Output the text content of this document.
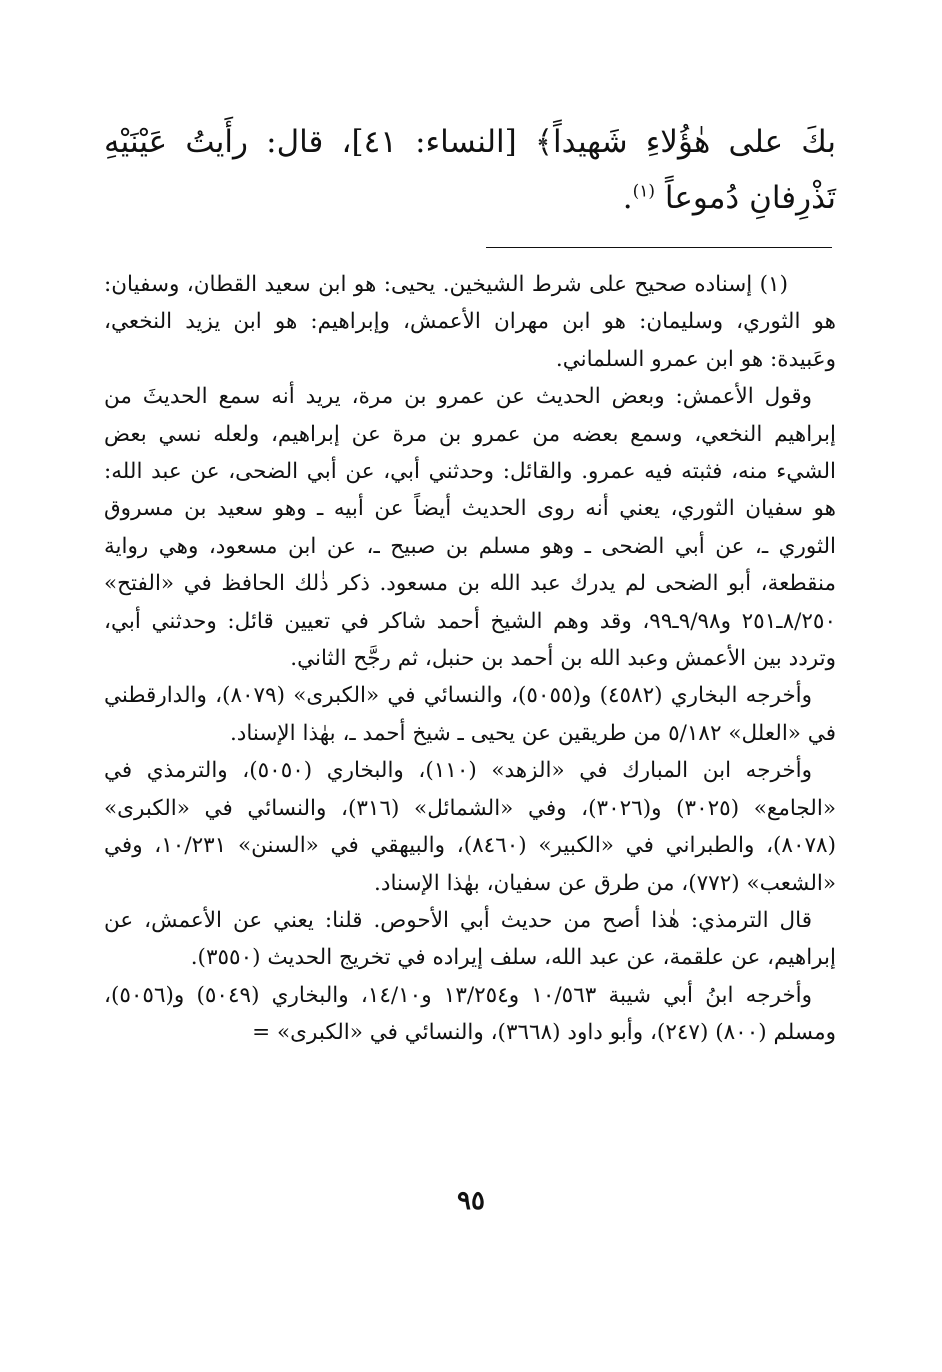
بكَ على هٰؤُلاءِ شَهيداً﴾ [النساء: ٤١]، قال: رأَيتُ عَيْنَيْهِ تَذْرِفانِ دُموعاً $^{(١)}$.

(١) إسناده صحيح على شرط الشيخين. يحيى: هو ابن سعيد القطان، وسفيان: هو الثوري، وسليمان: هو ابن مهران الأعمش، وإبراهيم: هو ابن يزيد النخعي، وعَبيدة: هو ابن عمرو السلماني.

وقول الأعمش: وبعض الحديث عن عمرو بن مرة، يريد أنه سمع الحديثَ من إبراهيم النخعي، وسمع بعضه من عمرو بن مرة عن إبراهيم، ولعله نسي بعض الشيء منه، فثبته فيه عمرو. والقائل: وحدثني أبي، عن أبي الضحى، عن عبد الله: هو سفيان الثوري، يعني أنه روى الحديث أيضاً عن أبيه ـ وهو سعيد بن مسروق الثوري ـ، عن أبي الضحى ـ وهو مسلم بن صبيح ـ، عن ابن مسعود، وهي رواية منقطعة، أبو الضحى لم يدرك عبد الله بن مسعود. ذكر ذٰلك الحافظ في «الفتح» ٨/٢٥٠ـ٢٥١ و٩/٩٨ـ٩٩، وقد وهم الشيخ أحمد شاكر في تعيين قائل: وحدثني أبي، وتردد بين الأعمش وعبد الله بن أحمد بن حنبل، ثم رجَّح الثاني.

وأخرجه البخاري (٤٥٨٢) و(٥٠٥٥)، والنسائي في «الكبرى» (٨٠٧٩)، والدارقطني في «العلل» ٥/١٨٢ من طريقين عن يحيى ـ شيخ أحمد ـ، بهٰذا الإسناد.

وأخرجه ابن المبارك في «الزهد» (١١٠)، والبخاري (٥٠٥٠)، والترمذي في «الجامع» (٣٠٢٥) و(٣٠٢٦)، وفي «الشمائل» (٣١٦)، والنسائي في «الكبرى» (٨٠٧٨)، والطبراني في «الكبير» (٨٤٦٠)، والبيهقي في «السنن» ١٠/٢٣١، وفي «الشعب» (٧٧٢)، من طرق عن سفيان، بهٰذا الإسناد.

قال الترمذي: هٰذا أصح من حديث أبي الأحوص. قلنا: يعني عن الأعمش، عن إبراهيم، عن علقمة، عن عبد الله، سلف إيراده في تخريج الحديث (٣٥٥٠).

وأخرجه ابنُ أبي شيبة ١٠/٥٦٣ و١٣/٢٥٤ و١٤/١٠، والبخاري (٥٠٤٩) و(٥٠٥٦)، ومسلم (٨٠٠) (٢٤٧)، وأبو داود (٣٦٦٨)، والنسائي في «الكبرى» =

٩٥
